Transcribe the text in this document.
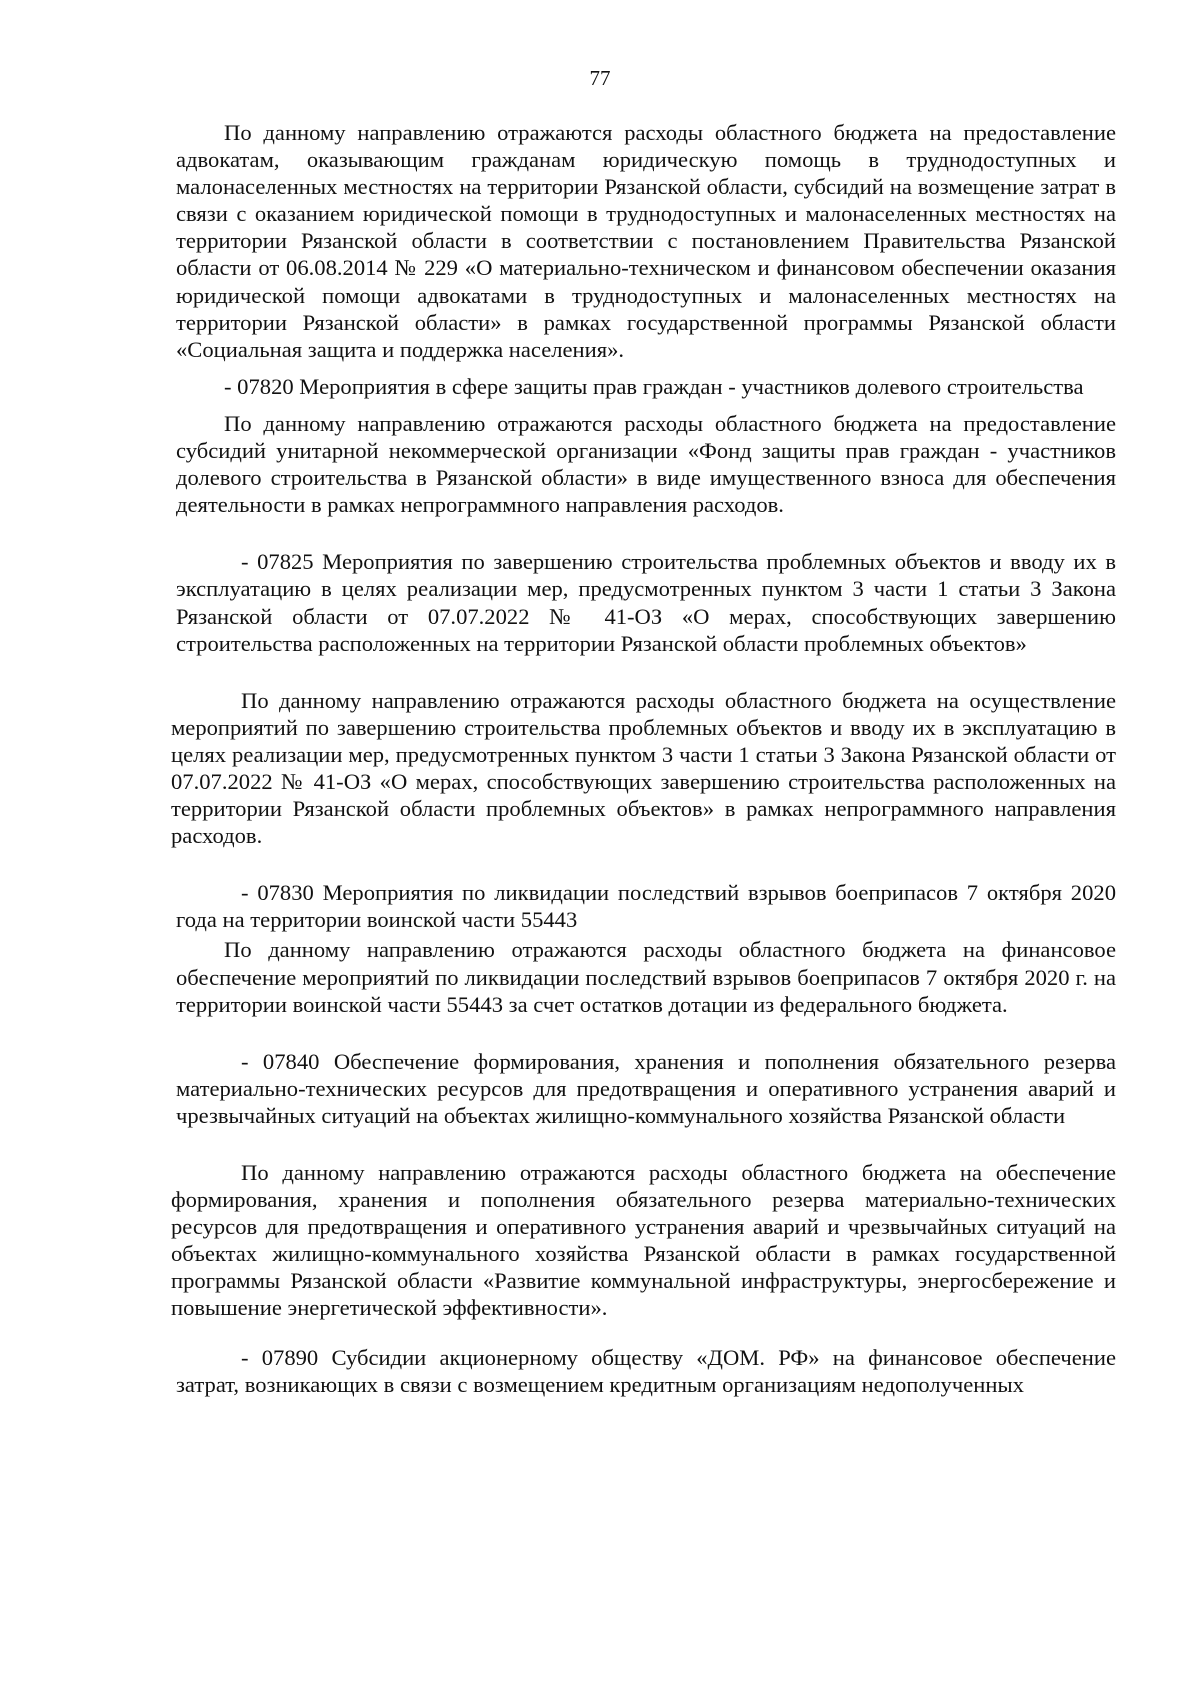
77

По данному направлению отражаются расходы областного бюджета на предоставление адвокатам, оказывающим гражданам юридическую помощь в труднодоступных и малонаселенных местностях на территории Рязанской области, субсидий на возмещение затрат в связи с оказанием юридической помощи в труднодоступных и малонаселенных местностях на территории Рязанской области в соответствии с постановлением Правительства Рязанской области от 06.08.2014 № 229 «О материально-техническом и финансовом обеспечении оказания юридической помощи адвокатами в труднодоступных и малонаселенных местностях на территории Рязанской области» в рамках государственной программы Рязанской области «Социальная защита и поддержка населения».

- 07820 Мероприятия в сфере защиты прав граждан - участников долевого строительства

По данному направлению отражаются расходы областного бюджета на предоставление субсидий унитарной некоммерческой организации «Фонд защиты прав граждан - участников долевого строительства в Рязанской области» в виде имущественного взноса для обеспечения деятельности в рамках непрограммного направления расходов.

- 07825 Мероприятия по завершению строительства проблемных объектов и вводу их в эксплуатацию в целях реализации мер, предусмотренных пунктом 3 части 1 статьи 3 Закона Рязанской области от 07.07.2022 № 41-ОЗ «О мерах, способствующих завершению строительства расположенных на территории Рязанской области проблемных объектов»

По данному направлению отражаются расходы областного бюджета на осуществление мероприятий по завершению строительства проблемных объектов и вводу их в эксплуатацию в целях реализации мер, предусмотренных пунктом 3 части 1 статьи 3 Закона Рязанской области от 07.07.2022 № 41-ОЗ «О мерах, способствующих завершению строительства расположенных на территории Рязанской области проблемных объектов» в рамках непрограммного направления расходов.

- 07830 Мероприятия по ликвидации последствий взрывов боеприпасов 7 октября 2020 года на территории воинской части 55443

По данному направлению отражаются расходы областного бюджета на финансовое обеспечение мероприятий по ликвидации последствий взрывов боеприпасов 7 октября 2020 г. на территории воинской части 55443 за счет остатков дотации из федерального бюджета.

- 07840 Обеспечение формирования, хранения и пополнения обязательного резерва материально-технических ресурсов для предотвращения и оперативного устранения аварий и чрезвычайных ситуаций на объектах жилищно-коммунального хозяйства Рязанской области

По данному направлению отражаются расходы областного бюджета на обеспечение формирования, хранения и пополнения обязательного резерва материально-технических ресурсов для предотвращения и оперативного устранения аварий и чрезвычайных ситуаций на объектах жилищно-коммунального хозяйства Рязанской области в рамках государственной программы Рязанской области «Развитие коммунальной инфраструктуры, энергосбережение и повышение энергетической эффективности».

- 07890 Субсидии акционерному обществу «ДОМ. РФ» на финансовое обеспечение затрат, возникающих в связи с возмещением кредитным организациям недополученных
